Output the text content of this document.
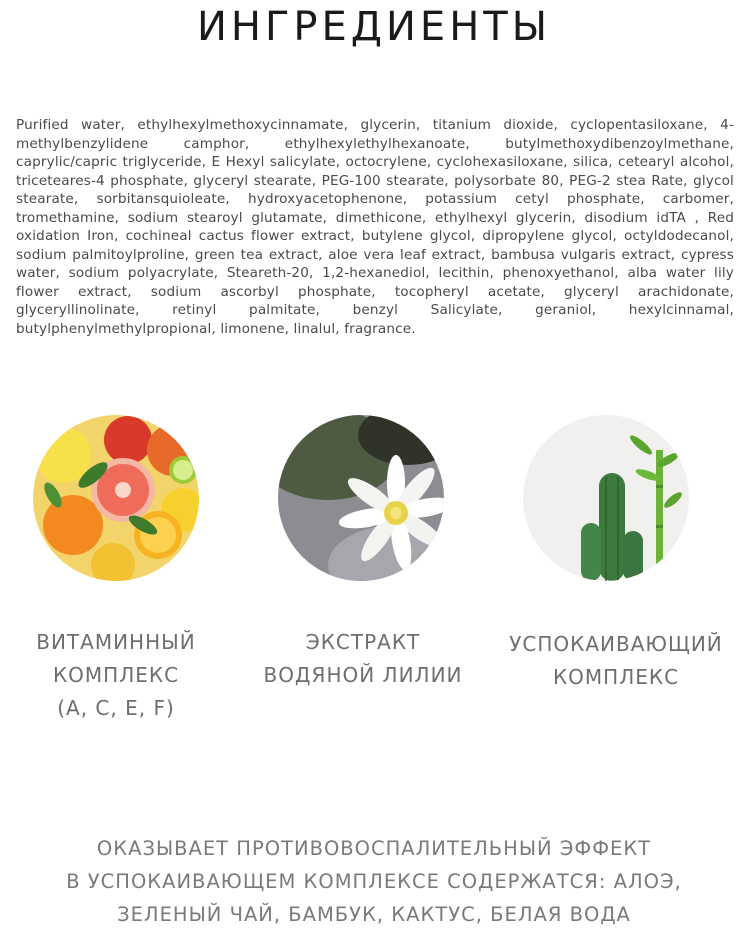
ИНГРЕДИЕНТЫ
Purified water, ethylhexylmethoxycinnamate, glycerin, titanium dioxide, cyclopentasiloxane, 4-methylbenzylidene camphor, ethylhexylethylhexanoate, butylmethoxydibenzoylmethane, caprylic/capric triglyceride, E Hexyl salicylate, octocrylene, cyclohexasiloxane, silica, cetearyl alcohol, triceteares-4 phosphate, glyceryl stearate, PEG-100 stearate, polysorbate 80, PEG-2 stea Rate, glycol stearate, sorbitansquioleate, hydroxyacetophenone, potassium cetyl phosphate, carbomer, tromethamine, sodium stearoyl glutamate, dimethicone, ethylhexyl glycerin, disodium idTA , Red oxidation Iron, cochineal cactus flower extract, butylene glycol, dipropylene glycol, octyldodecanol, sodium palmitoylproline, green tea extract, aloe vera leaf extract, bambusa vulgaris extract, cypress water, sodium polyacrylate, Steareth-20, 1,2-hexanediol, lecithin, phenoxyethanol, alba water lily flower extract, sodium ascorbyl phosphate, tocopheryl acetate, glyceryl arachidonate, glyceryllinolinate, retinyl palmitate, benzyl Salicylate, geraniol, hexylcinnamal, butylphenylmethylpropional, limonene, linalul, fragrance.
ВИТАМИННЫЙ
КОМПЛЕКС
(A, C, E, F)
ЭКСТРАКТ
ВОДЯНОЙ ЛИЛИИ
УСПОКАИВАЮЩИЙ
КОМПЛЕКС
ОКАЗЫВАЕТ ПРОТИВОВОСПАЛИТЕЛЬНЫЙ ЭФФЕКТ
В УСПОКАИВАЮЩЕМ КОМПЛЕКСЕ СОДЕРЖАТСЯ: АЛОЭ,
ЗЕЛЕНЫЙ ЧАЙ, БАМБУК, КАКТУС, БЕЛАЯ ВОДА
